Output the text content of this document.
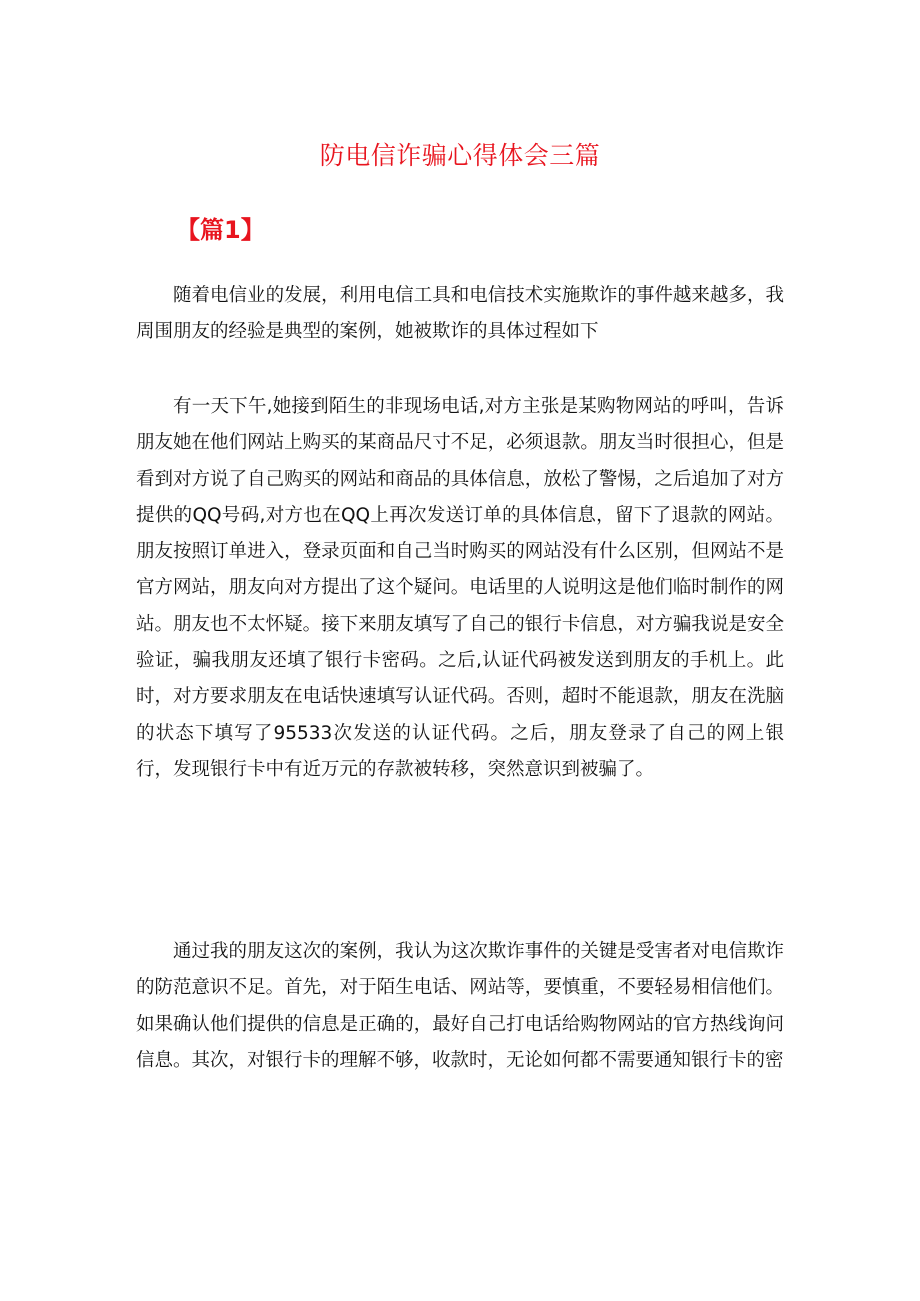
防电信诈骗心得体会三篇
【篇1】

随着电信业的发展，利用电信工具和电信技术实施欺诈的事件越来越多，我周围朋友的经验是典型的案例，她被欺诈的具体过程如下

有一天下午,她接到陌生的非现场电话,对方主张是某购物网站的呼叫，告诉朋友她在他们网站上购买的某商品尺寸不足，必须退款。朋友当时很担心，但是看到对方说了自己购买的网站和商品的具体信息，放松了警惕，之后追加了对方提供的QQ号码,对方也在QQ上再次发送订单的具体信息，留下了退款的网站。朋友按照订单进入，登录页面和自己当时购买的网站没有什么区别，但网站不是官方网站，朋友向对方提出了这个疑问。电话里的人说明这是他们临时制作的网站。朋友也不太怀疑。接下来朋友填写了自己的银行卡信息，对方骗我说是安全验证，骗我朋友还填了银行卡密码。之后,认证代码被发送到朋友的手机上。此时，对方要求朋友在电话快速填写认证代码。否则，超时不能退款，朋友在洗脑的状态下填写了95533次发送的认证代码。之后，朋友登录了自己的网上银行，发现银行卡中有近万元的存款被转移，突然意识到被骗了。

通过我的朋友这次的案例，我认为这次欺诈事件的关键是受害者对电信欺诈的防范意识不足。首先，对于陌生电话、网站等，要慎重，不要轻易相信他们。如果确认他们提供的信息是正确的，最好自己打电话给购物网站的官方热线询问信息。其次，对银行卡的理解不够，收款时，无论如何都不需要通知银行卡的密
